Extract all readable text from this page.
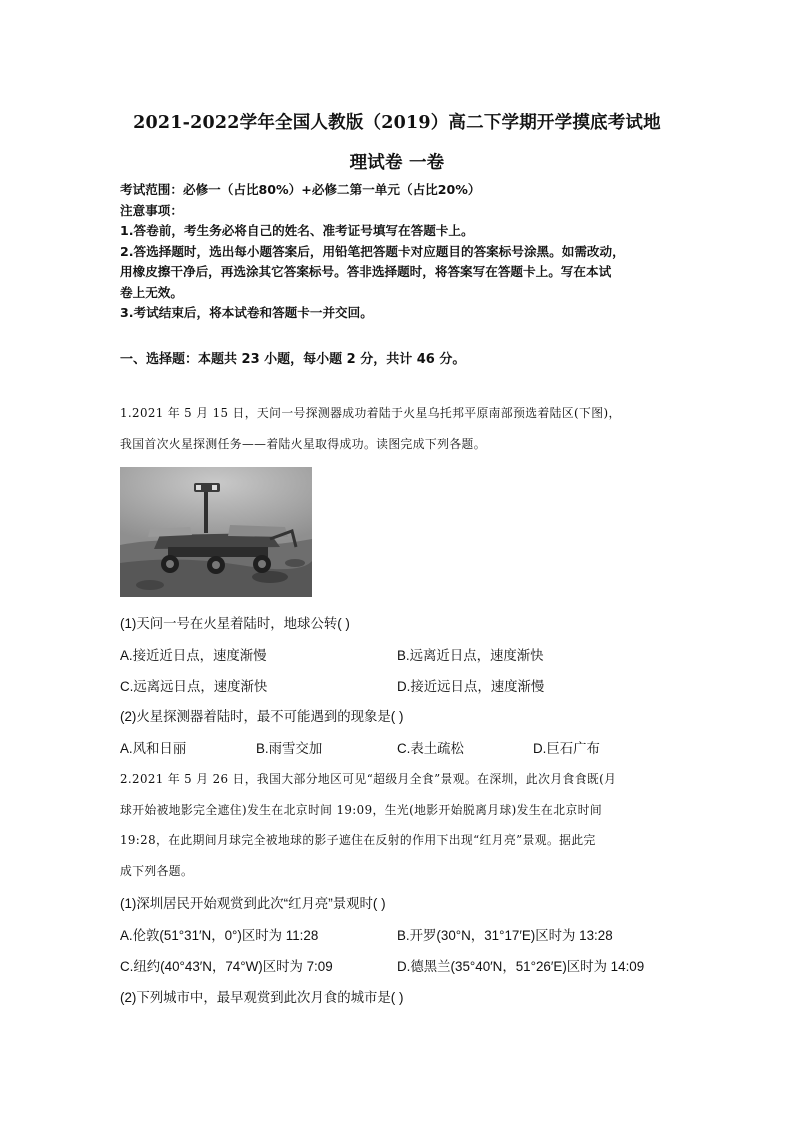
2021-2022学年全国人教版（2019）高二下学期开学摸底考试地
理试卷 一卷
考试范围：必修一（占比80%）+必修二第一单元（占比20%）
注意事项：
1.答卷前，考生务必将自己的姓名、准考证号填写在答题卡上。
2.答选择题时，选出每小题答案后，用铅笔把答题卡对应题目的答案标号涂黑。如需改动，
用橡皮擦干净后，再选涂其它答案标号。答非选择题时，将答案写在答题卡上。写在本试
卷上无效。
3.考试结束后，将本试卷和答题卡一并交回。
一、选择题：本题共 23 小题，每小题 2 分，共计 46 分。
1.2021 年 5 月 15 日，天问一号探测器成功着陆于火星乌托邦平原南部预选着陆区(下图)，
我国首次火星探测任务——着陆火星取得成功。读图完成下列各题。
(1)天问一号在火星着陆时，地球公转( )
A.接近近日点，速度渐慢	B.远离近日点，速度渐快
C.远离远日点，速度渐快	D.接近远日点，速度渐慢
(2)火星探测器着陆时，最不可能遇到的现象是( )
A.风和日丽	B.雨雪交加	C.表土疏松	D.巨石广布
2.2021 年 5 月 26 日，我国大部分地区可见“超级月全食”景观。在深圳，此次月食食既(月
球开始被地影完全遮住)发生在北京时间 19:09，生光(地影开始脱离月球)发生在北京时间
19:28，在此期间月球完全被地球的影子遮住在反射的作用下出现“红月亮”景观。据此完
成下列各题。
(1)深圳居民开始观赏到此次“红月亮”景观时( )
A.伦敦(51°31′N，0°)区时为 11:28	B.开罗(30°N，31°17′E)区时为 13:28
C.纽约(40°43′N，74°W)区时为 7:09	D.德黑兰(35°40′N，51°26′E)区时为 14:09
(2)下列城市中，最早观赏到此次月食的城市是( )
